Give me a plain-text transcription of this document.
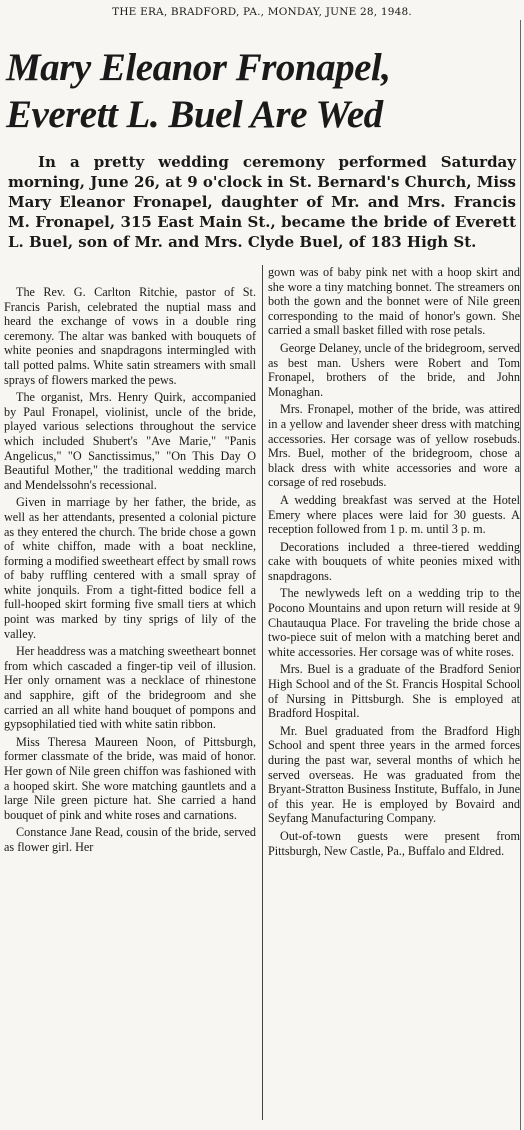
THE ERA, BRADFORD, PA., MONDAY, JUNE 28, 1948.
Mary Eleanor Fronapel,
Everett L. Buel Are Wed

In a pretty wedding ceremony performed Saturday morning, June 26, at 9 o'clock in St. Bernard's Church, Miss Mary Eleanor Fronapel, daughter of Mr. and Mrs. Francis M. Fronapel, 315 East Main St., became the bride of Everett L. Buel, son of Mr. and Mrs. Clyde Buel, of 183 High St.

The Rev. G. Carlton Ritchie, pastor of St. Francis Parish, celebrated the nuptial mass and heard the exchange of vows in a double ring ceremony. The altar was banked with bouquets of white peonies and snapdragons intermingled with tall potted palms. White satin streamers with small sprays of flowers marked the pews.

The organist, Mrs. Henry Quirk, accompanied by Paul Fronapel, violinist, uncle of the bride, played various selections throughout the service which included Shubert's "Ave Marie," "Panis Angelicus," "O Sanctissimus," "On This Day O Beautiful Mother," the traditional wedding march and Mendelssohn's recessional.

Given in marriage by her father, the bride, as well as her attendants, presented a colonial picture as they entered the church. The bride chose a gown of white chiffon, made with a boat neckline, forming a modified sweetheart effect by small rows of baby ruffling centered with a small spray of white jonquils. From a tight-fitted bodice fell a full-hooped skirt forming five small tiers at which point was marked by tiny sprigs of lily of the valley.

Her headdress was a matching sweetheart bonnet from which cascaded a finger-tip veil of illusion. Her only ornament was a necklace of rhinestone and sapphire, gift of the bridegroom and she carried an all white hand bouquet of pompons and gypsophilatied tied with white satin ribbon.

Miss Theresa Maureen Noon, of Pittsburgh, former classmate of the bride, was maid of honor. Her gown of Nile green chiffon was fashioned with a hooped skirt. She wore matching gauntlets and a large Nile green picture hat. She carried a hand bouquet of pink and white roses and carnations.

Constance Jane Read, cousin of the bride, served as flower girl. Her

gown was of baby pink net with a hoop skirt and she wore a tiny matching bonnet. The streamers on both the gown and the bonnet were of Nile green corresponding to the maid of honor's gown. She carried a small basket filled with rose petals.

George Delaney, uncle of the bridegroom, served as best man. Ushers were Robert and Tom Fronapel, brothers of the bride, and John Monaghan.

Mrs. Fronapel, mother of the bride, was attired in a yellow and lavender sheer dress with matching accessories. Her corsage was of yellow rosebuds. Mrs. Buel, mother of the bridegroom, chose a black dress with white accessories and wore a corsage of red rosebuds.

A wedding breakfast was served at the Hotel Emery where places were laid for 30 guests. A reception followed from 1 p. m. until 3 p. m.

Decorations included a three-tiered wedding cake with bouquets of white peonies mixed with snapdragons.

The newlyweds left on a wedding trip to the Pocono Mountains and upon return will reside at 9 Chautauqua Place. For traveling the bride chose a two-piece suit of melon with a matching beret and white accessories. Her corsage was of white roses.

Mrs. Buel is a graduate of the Bradford Senior High School and of the St. Francis Hospital School of Nursing in Pittsburgh. She is employed at Bradford Hospital.

Mr. Buel graduated from the Bradford High School and spent three years in the armed forces during the past war, several months of which he served overseas. He was graduated from the Bryant-Stratton Business Institute, Buffalo, in June of this year. He is employed by Bovaird and Seyfang Manufacturing Company.

Out-of-town guests were present from Pittsburgh, New Castle, Pa., Buffalo and Eldred.
